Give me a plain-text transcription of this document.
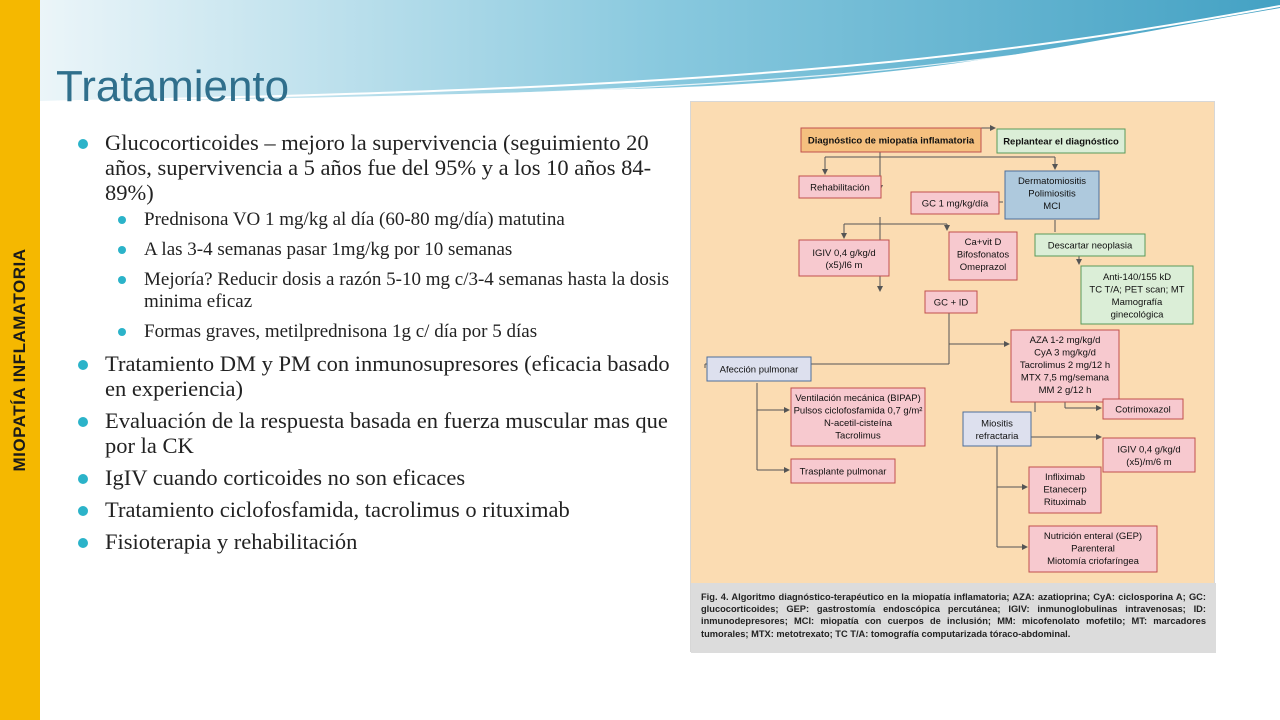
MIOPATÍA INFLAMATORIA
Tratamiento
Glucocorticoides – mejoro la supervivencia (seguimiento 20 años, supervivencia a 5 años fue del 95% y a los 10 años 84-89%)
Prednisona VO 1 mg/kg al día (60-80 mg/día) matutina
A las 3-4 semanas pasar 1mg/kg por 10 semanas
Mejoría? Reducir dosis a razón 5-10 mg c/3-4 semanas hasta la dosis minima eficaz
Formas graves, metilprednisona 1g c/ día por 5 días
Tratamiento DM y PM con inmunosupresores (eficacia basado en experiencia)
Evaluación de la respuesta basada en fuerza muscular mas que por la CK
IgIV cuando corticoides no son eficaces
Tratamiento ciclofosfamida, tacrolimus o rituximab
Fisioterapia y rehabilitación
Diagnóstico de miopatía inflamatoria	Replantear el diagnóstico
Rehabilitación
GC 1 mg/kg/día
Dermatomiositis
Polimiositis
MCI
IGIV 0,4 g/kg/d
(x5)/l6 m
Ca+vit D
Bifosfonatos
Omeprazol
Descartar neoplasia
Anti-140/155 kD
TC T/A; PET scan; MT
Mamografía
ginecológica
GC + ID
AZA 1-2 mg/kg/d
CyA 3 mg/kg/d
Tacrolimus 2 mg/12 h
MTX 7,5 mg/semana
MM 2 g/12 h
Afección pulmonar
Ventilación mecánica (BIPAP)
Pulsos ciclofosfamida 0,7 g/m²
N-acetil-cisteína
Tacrolimus
Miositis
refractaria
Cotrimoxazol
IGIV 0,4 g/kg/d
(x5)/m/6 m
Trasplante pulmonar	Infliximab
Etanecerp
Rituximab
Nutrición enteral (GEP)
Parenteral
Miotomía criofaríngea
Fig. 4. Algoritmo diagnóstico-terapéutico en la miopatía inflamatoria; AZA: azatioprina; CyA: ciclosporina A; GC: glucocorticoides; GEP: gastrostomía endoscópica percutánea; IGIV: inmunoglobulinas intravenosas; ID: inmunodepresores; MCI: miopatía con cuerpos de inclusión; MM: micofenolato mofetilo; MT: marcadores tumorales; MTX: metotrexato; TC T/A: tomografía computarizada tóraco-abdominal.
